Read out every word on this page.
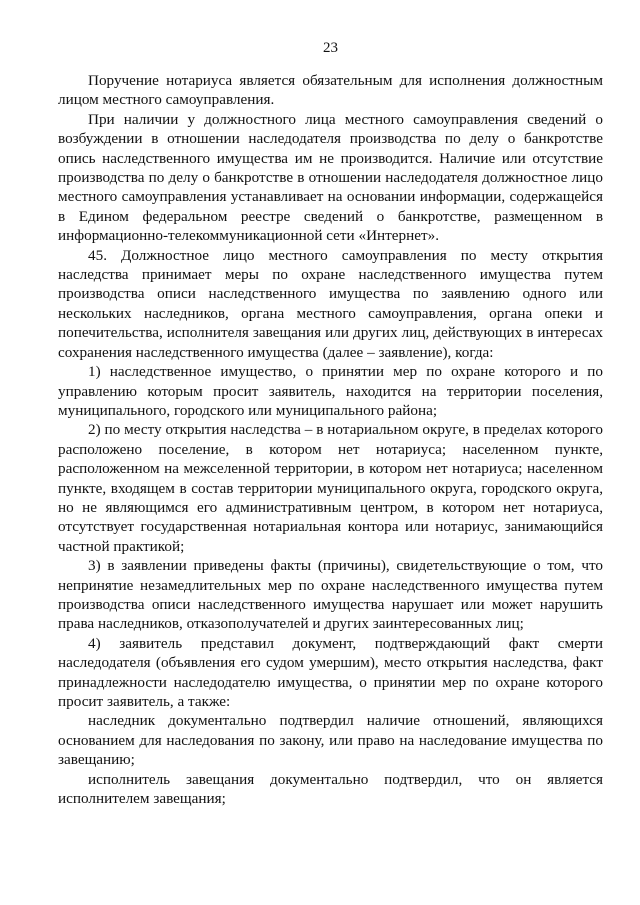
23

Поручение нотариуса является обязательным для исполнения должностным лицом местного самоуправления.

При наличии у должностного лица местного самоуправления сведений о возбуждении в отношении наследодателя производства по делу о банкротстве опись наследственного имущества им не производится. Наличие или отсутствие производства по делу о банкротстве в отношении наследодателя должностное лицо местного самоуправления устанавливает на основании информации, содержащейся в Едином федеральном реестре сведений о банкротстве, размещенном в информационно-телекоммуникационной сети «Интернет».

45. Должностное лицо местного самоуправления по месту открытия наследства принимает меры по охране наследственного имущества путем производства описи наследственного имущества по заявлению одного или нескольких наследников, органа местного самоуправления, органа опеки и попечительства, исполнителя завещания или других лиц, действующих в интересах сохранения наследственного имущества (далее – заявление), когда:

1) наследственное имущество, о принятии мер по охране которого и по управлению которым просит заявитель, находится на территории поселения, муниципального, городского или муниципального района;

2) по месту открытия наследства – в нотариальном округе, в пределах которого расположено поселение, в котором нет нотариуса; населенном пункте, расположенном на межселенной территории, в котором нет нотариуса; населенном пункте, входящем в состав территории муниципального округа, городского округа, но не являющимся его административным центром, в котором нет нотариуса, отсутствует государственная нотариальная контора или нотариус, занимающийся частной практикой;

3) в заявлении приведены факты (причины), свидетельствующие о том, что непринятие незамедлительных мер по охране наследственного имущества путем производства описи наследственного имущества нарушает или может нарушить права наследников, отказополучателей и других заинтересованных лиц;

4) заявитель представил документ, подтверждающий факт смерти наследодателя (объявления его судом умершим), место открытия наследства, факт принадлежности наследодателю имущества, о принятии мер по охране которого просит заявитель, а также:

наследник документально подтвердил наличие отношений, являющихся основанием для наследования по закону, или право на наследование имущества по завещанию;

исполнитель завещания документально подтвердил, что он является исполнителем завещания;
